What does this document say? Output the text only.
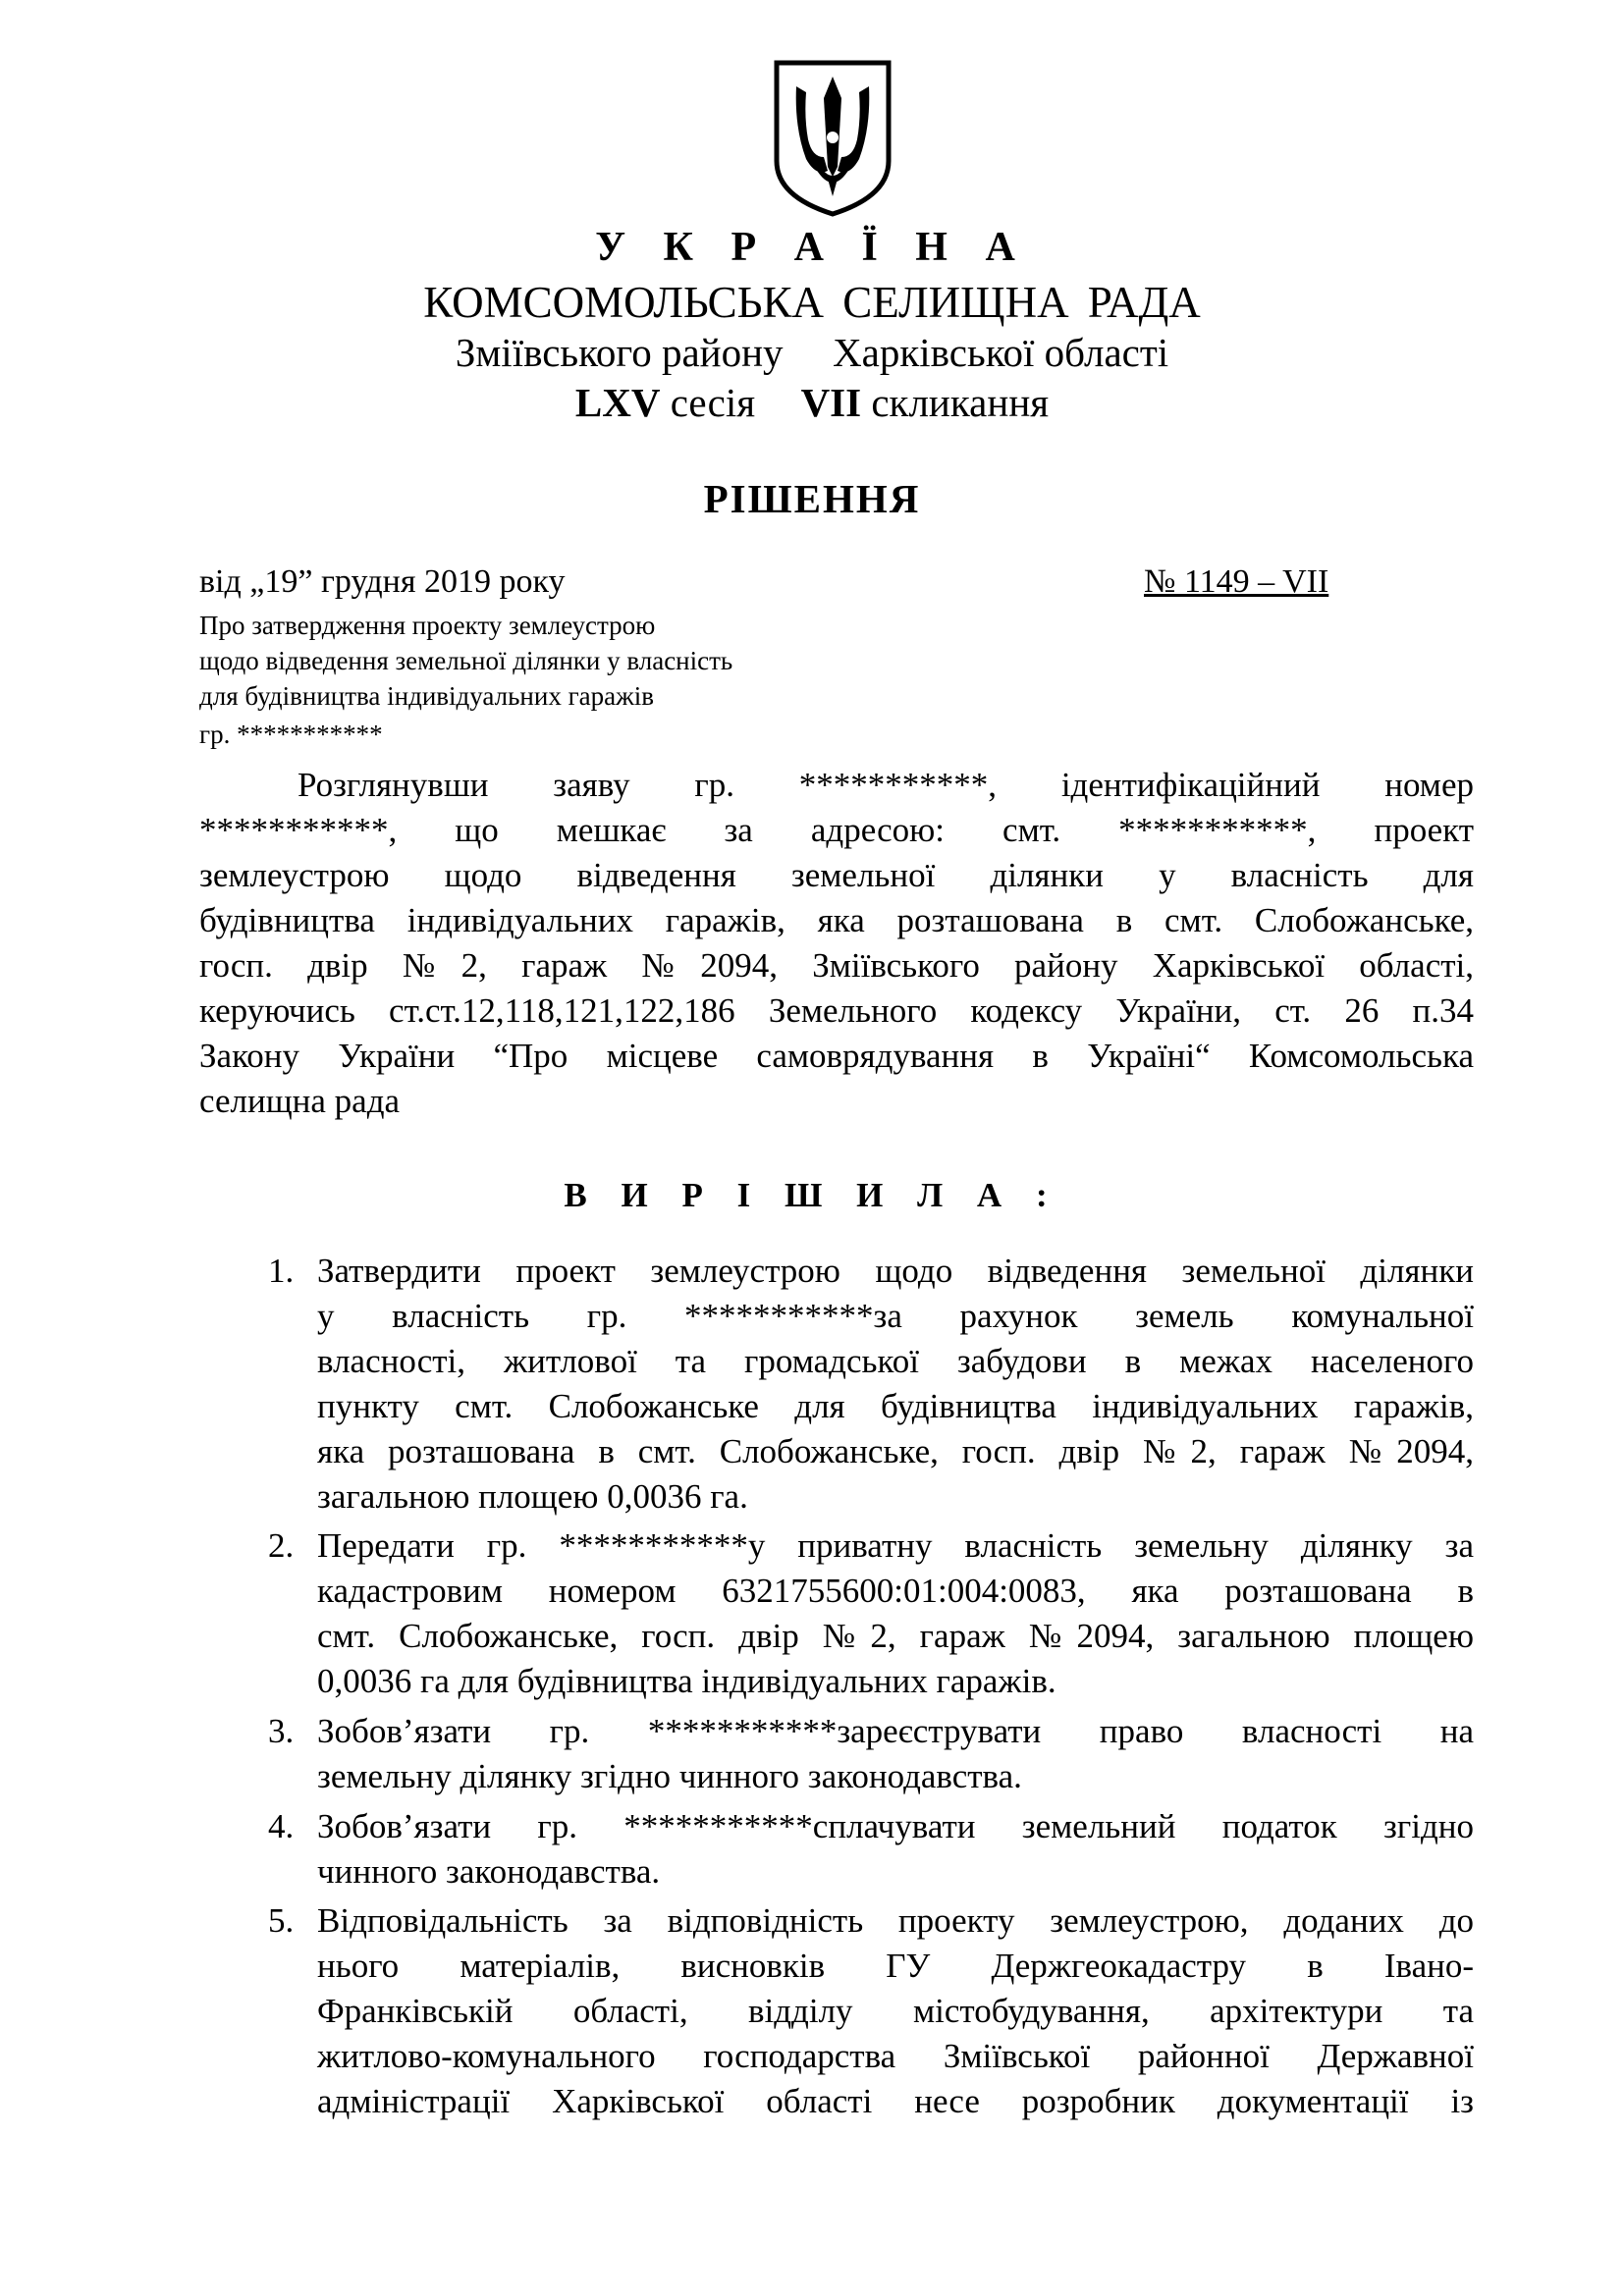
У К Р А Ї Н А
КОМСОМОЛЬСЬКА СЕЛИЩНА РАДА
Зміївського району Харківської області
LXV сесія VII скликання
РІШЕННЯ
від „19” грудня 2019 року	№ 1149 – VII
Про затвердження проекту землеустрою
щодо відведення земельної ділянки у власність
для будівництва індивідуальних гаражів
гр. ***********
Розглянувши заяву гр. ***********, ідентифікаційний номер
***********, що мешкає за адресою: смт. ***********, проект
землеустрою щодо відведення земельної ділянки у власність для
будівництва індивідуальних гаражів, яка розташована в смт. Слобожанське,
госп. двір №2, гараж №2094, Зміївського району Харківської області,
керуючись ст.ст.12,118,121,122,186 Земельного кодексу України, ст. 26 п.34
Закону України “Про місцеве самоврядування в Україні“ Комсомольська
селищна рада
В И Р І Ш И Л А :
1. Затвердити проект землеустрою щодо відведення земельної ділянки
у власність гр. ***********за рахунок земель комунальної
власності, житлової та громадської забудови в межах населеного
пункту смт. Слобожанське для будівництва індивідуальних гаражів,
яка розташована в смт. Слобожанське, госп. двір №2, гараж №2094,
загальною площею 0,0036 га.
2. Передати гр. ***********у приватну власність земельну ділянку за
кадастровим номером 6321755600:01:004:0083, яка розташована в
смт. Слобожанське, госп. двір №2, гараж №2094, загальною площею
0,0036 га для будівництва індивідуальних гаражів.
3. Зобов’язати гр. ***********зареєструвати право власності на
земельну ділянку згідно чинного законодавства.
4. Зобов’язати гр. ***********сплачувати земельний податок згідно
чинного законодавства.
5. Відповідальність за відповідність проекту землеустрою, доданих до
нього матеріалів, висновків ГУ Держгеокадастру в Івано-
Франківській області, відділу містобудування, архітектури та
житлово-комунального господарства Зміївської районної Державної
адміністрації Харківської області несе розробник документації із
